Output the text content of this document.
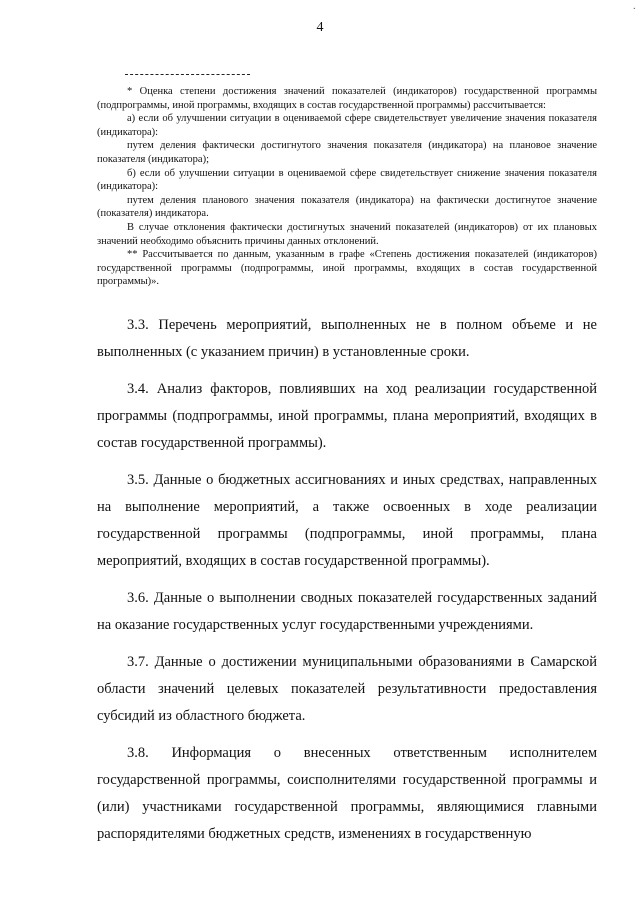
·
4

* Оценка степени достижения значений показателей (индикаторов) государственной программы (подпрограммы, иной программы, входящих в состав государственной программы) рассчитывается:

а) если об улучшении ситуации в оцениваемой сфере свидетельствует увеличение значения показателя (индикатора):

путем деления фактически достигнутого значения показателя (индикатора) на плановое значение показателя (индикатора);

б) если об улучшении ситуации в оцениваемой сфере свидетельствует снижение значения показателя (индикатора):

путем деления планового значения показателя (индикатора) на фактически достигнутое значение (показателя) индикатора.

В случае отклонения фактически достигнутых значений показателей (индикаторов) от их плановых значений необходимо объяснить причины данных отклонений.

** Рассчитывается по данным, указанным в графе «Степень достижения показателей (индикаторов) государственной программы (подпрограммы, иной программы, входящих в состав государственной программы)».

3.3. Перечень мероприятий, выполненных не в полном объеме и не выполненных (с указанием причин) в установленные сроки.

3.4. Анализ факторов, повлиявших на ход реализации государственной программы (подпрограммы, иной программы, плана мероприятий, входящих в состав государственной программы).

3.5. Данные о бюджетных ассигнованиях и иных средствах, направленных на выполнение мероприятий, а также освоенных в ходе реализации государственной программы (подпрограммы, иной программы, плана мероприятий, входящих в состав государственной программы).

3.6. Данные о выполнении сводных показателей государственных заданий на оказание государственных услуг государственными учреждениями.

3.7. Данные о достижении муниципальными образованиями в Самарской области значений целевых показателей результативности предоставления субсидий из областного бюджета.

3.8. Информация о внесенных ответственным исполнителем государственной программы, соисполнителями государственной программы и (или) участниками государственной программы, являющимися главными распорядителями бюджетных средств, изменениях в государственную
